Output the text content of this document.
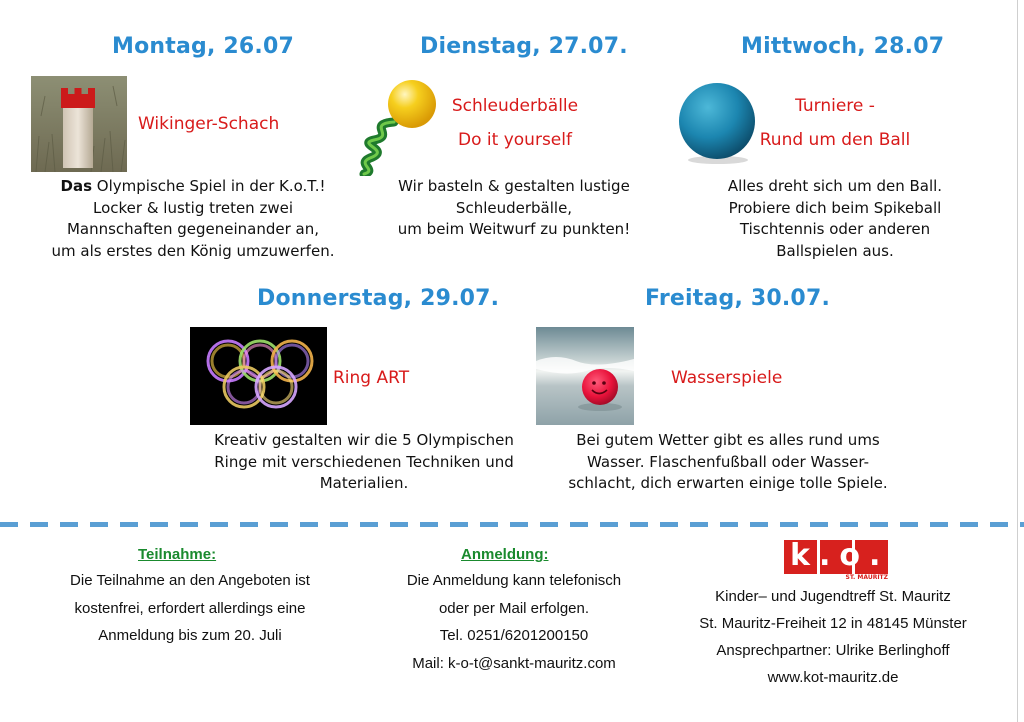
Montag, 26.07
Wikinger-Schach
Das Olympische Spiel in der K.o.T.!
Locker & lustig treten zwei
Mannschaften gegeneinander an,
um als erstes den König umzuwerfen.
Dienstag, 27.07.
Schleuderbälle
Do it yourself
Wir basteln & gestalten lustige
Schleuderbälle,
um beim Weitwurf zu punkten!
Mittwoch, 28.07
Turniere -
Rund um den Ball
Alles dreht sich um den Ball.
Probiere dich beim Spikeball
Tischtennis oder anderen
Ballspielen aus.
Donnerstag, 29.07.
Ring ART
Kreativ gestalten wir die 5 Olympischen
Ringe mit verschiedenen Techniken und
Materialien.
Freitag, 30.07.
Wasserspiele
Bei gutem Wetter gibt es alles rund ums
Wasser. Flaschenfußball oder Wasser-
schlacht, dich erwarten einige tolle Spiele.
Teilnahme:
Die Teilnahme an den Angeboten ist
kostenfrei, erfordert allerdings eine
Anmeldung bis zum 20. Juli
Anmeldung:
Die Anmeldung kann telefonisch
oder per Mail erfolgen.
Tel. 0251/6201200150
Mail: k-o-t@sankt-mauritz.com
k.o.t.
ST. MAURITZ
Kinder– und Jugendtreff St. Mauritz
St. Mauritz-Freiheit 12 in 48145 Münster
Ansprechpartner: Ulrike Berlinghoff
www.kot-mauritz.de
